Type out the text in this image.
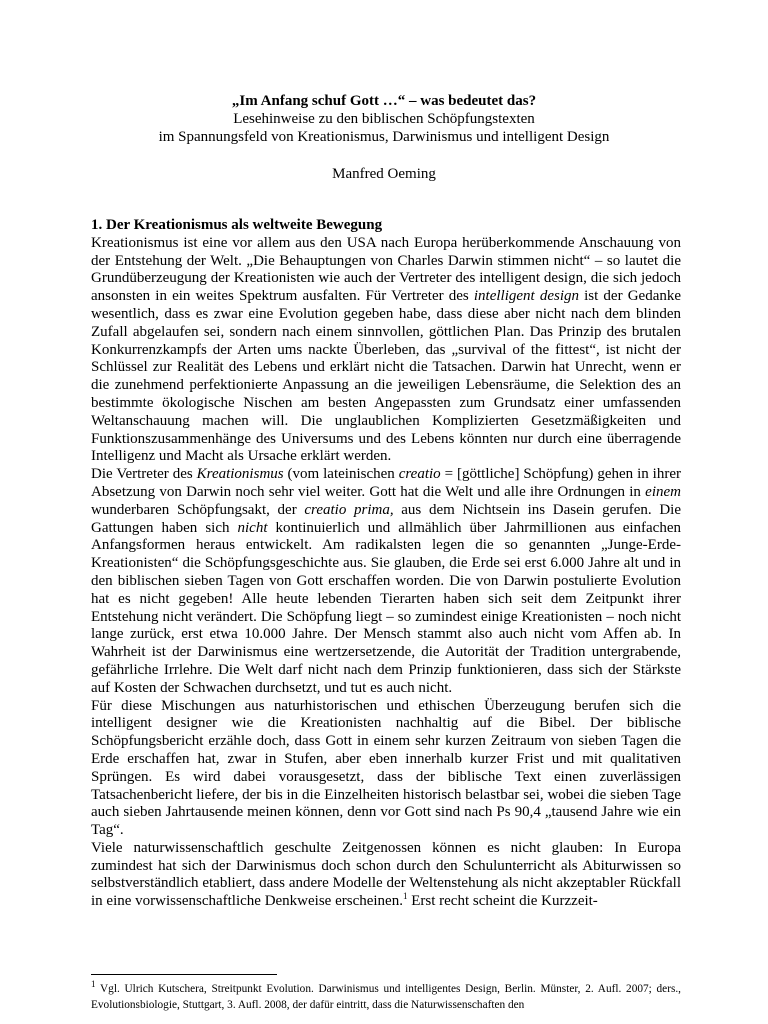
„Im Anfang schuf Gott …“ – was bedeutet das?
Lesehinweise zu den biblischen Schöpfungstexten
im Spannungsfeld von Kreationismus, Darwinismus und intelligent Design
Manfred Oeming
1. Der Kreationismus als weltweite Bewegung

Kreationismus ist eine vor allem aus den USA nach Europa herüberkommende Anschauung von der Entstehung der Welt. „Die Behauptungen von Charles Darwin stimmen nicht“ – so lautet die Grundüberzeugung der Kreationisten wie auch der Vertreter des intelligent design, die sich jedoch ansonsten in ein weites Spektrum ausfalten. Für Vertreter des intelligent design ist der Gedanke wesentlich, dass es zwar eine Evolution gegeben habe, dass diese aber nicht nach dem blinden Zufall abgelaufen sei, sondern nach einem sinnvollen, göttlichen Plan. Das Prinzip des brutalen Konkurrenzkampfs der Arten ums nackte Überleben, das „survival of the fittest“, ist nicht der Schlüssel zur Realität des Lebens und erklärt nicht die Tatsachen. Darwin hat Unrecht, wenn er die zunehmend perfektionierte Anpassung an die jeweiligen Lebensräume, die Selektion des an bestimmte ökologische Nischen am besten Angepassten zum Grundsatz einer umfassenden Weltanschauung machen will. Die unglaublichen Komplizierten Gesetzmäßigkeiten und Funktionszusammenhänge des Universums und des Lebens könnten nur durch eine überragende Intelligenz und Macht als Ursache erklärt werden.

Die Vertreter des Kreationismus (vom lateinischen creatio = [göttliche] Schöpfung) gehen in ihrer Absetzung von Darwin noch sehr viel weiter. Gott hat die Welt und alle ihre Ordnungen in einem wunderbaren Schöpfungsakt, der creatio prima, aus dem Nichtsein ins Dasein gerufen. Die Gattungen haben sich nicht kontinuierlich und allmählich über Jahrmillionen aus einfachen Anfangsformen heraus entwickelt. Am radikalsten legen die so genannten „Junge-Erde-Kreationisten“ die Schöpfungsgeschichte aus. Sie glauben, die Erde sei erst 6.000 Jahre alt und in den biblischen sieben Tagen von Gott erschaffen worden. Die von Darwin postulierte Evolution hat es nicht gegeben! Alle heute lebenden Tierarten haben sich seit dem Zeitpunkt ihrer Entstehung nicht verändert. Die Schöpfung liegt – so zumindest einige Kreationisten – noch nicht lange zurück, erst etwa 10.000 Jahre. Der Mensch stammt also auch nicht vom Affen ab. In Wahrheit ist der Darwinismus eine wertzersetzende, die Autorität der Tradition untergrabende, gefährliche Irrlehre. Die Welt darf nicht nach dem Prinzip funktionieren, dass sich der Stärkste auf Kosten der Schwachen durchsetzt, und tut es auch nicht.

Für diese Mischungen aus naturhistorischen und ethischen Überzeugung berufen sich die intelligent designer wie die Kreationisten nachhaltig auf die Bibel. Der biblische Schöpfungsbericht erzähle doch, dass Gott in einem sehr kurzen Zeitraum von sieben Tagen die Erde erschaffen hat, zwar in Stufen, aber eben innerhalb kurzer Frist und mit qualitativen Sprüngen. Es wird dabei vorausgesetzt, dass der biblische Text einen zuverlässigen Tatsachenbericht liefere, der bis in die Einzelheiten historisch belastbar sei, wobei die sieben Tage auch sieben Jahrtausende meinen können, denn vor Gott sind nach Ps 90,4 „tausend Jahre wie ein Tag“.

Viele naturwissenschaftlich geschulte Zeitgenossen können es nicht glauben: In Europa zumindest hat sich der Darwinismus doch schon durch den Schulunterricht als Abiturwissen so selbstverständlich etabliert, dass andere Modelle der Weltenstehung als nicht akzeptabler Rückfall in eine vorwissenschaftliche Denkweise erscheinen.$^1$ Erst recht scheint die Kurzzeit-

$^1$ Vgl. Ulrich Kutschera, Streitpunkt Evolution. Darwinismus und intelligentes Design, Berlin. Münster, 2. Aufl. 2007; ders., Evolutionsbiologie, Stuttgart, 3. Aufl. 2008, der dafür eintritt, dass die Naturwissenschaften den
